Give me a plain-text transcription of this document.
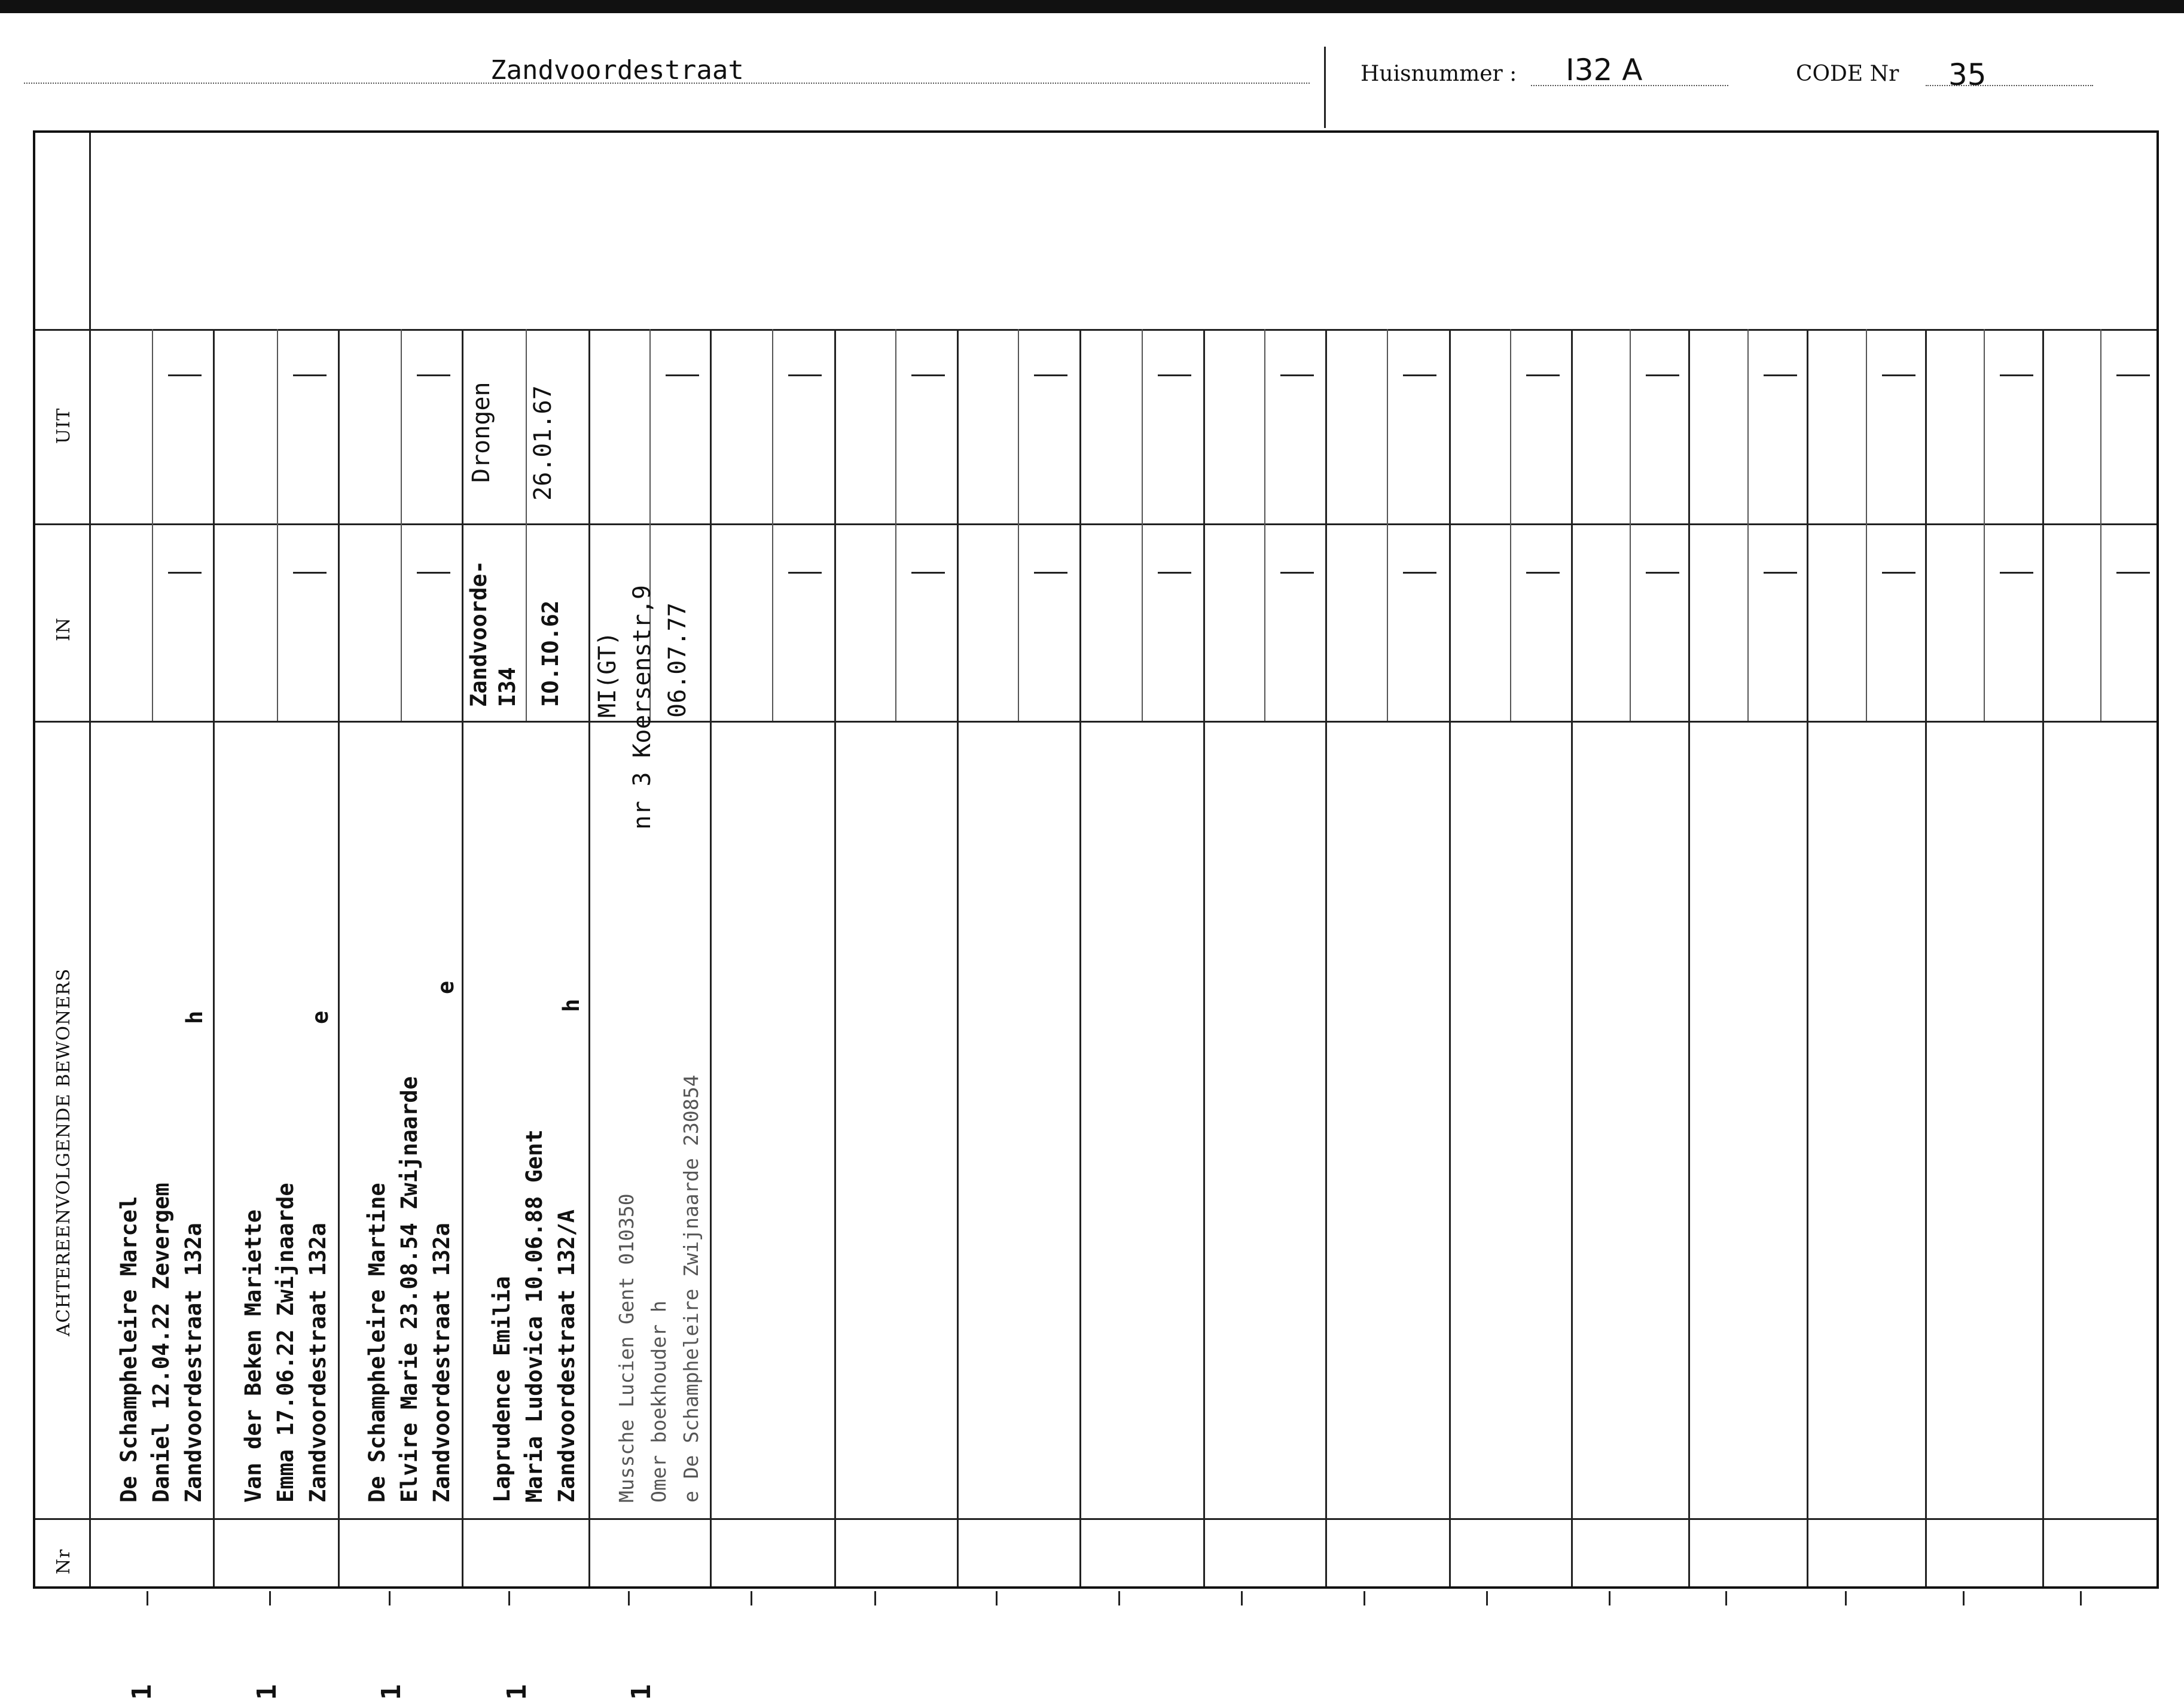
Zandvoordestraat	Huisnummer : I32 A	CODE Nr 35
UIT
IN
ACHTEREENVOLGENDE BEWONERS
Nr
Drongen 26.01.67
Zandvoorde- I34 IO.IO.62 MI(GT) Koersenstr,9
nr 3
06.07.77
De Schampheleire Marcel Daniel 12.04.22 Zevergem Zandvoordestraat 132a
h
1
Van der Beken Mariette Emma 17.06.22 Zwijnaarde Zandvoordestraat 132a
e
1
De Schampheleire Martine Elvire Marie 23.08.54 Zwijnaarde Zandvoordestraat 132a
e
1
Laprudence Emilia Maria Ludovica 10.06.88 Gent Zandvoordestraat 132/A
h
1
Mussche Lucien Gent 010350 Omer boekhouder h e De Schampheleire Zwijnaarde 230854
1
